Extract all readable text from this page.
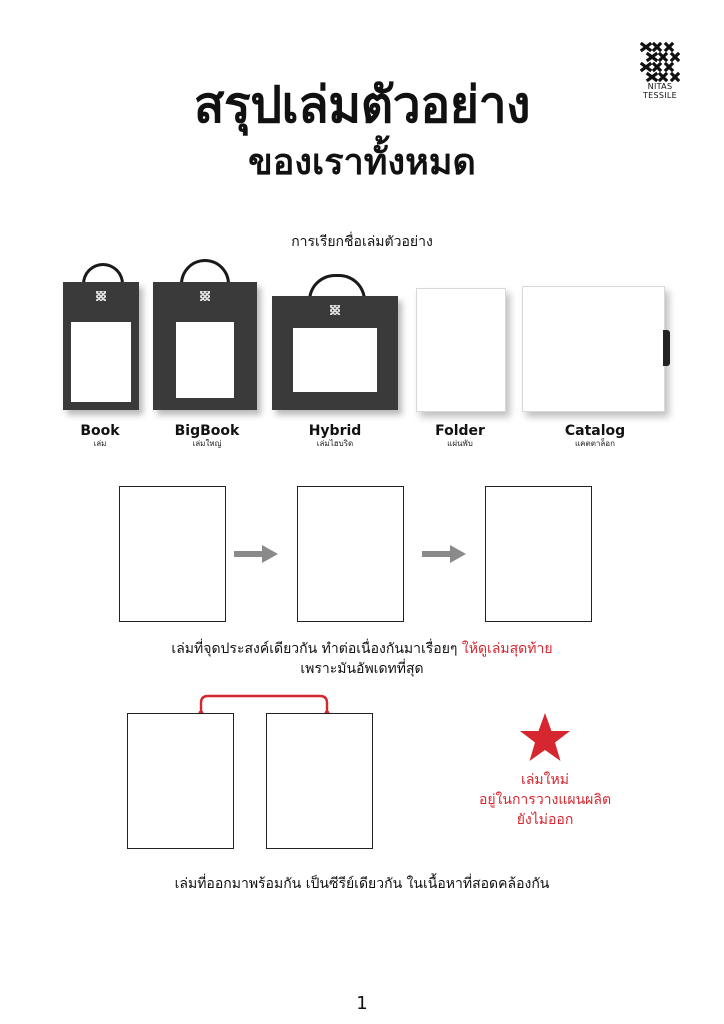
NITAS
TESSILE
สรุปเล่มตัวอย่าง
ของเราทั้งหมด
การเรียกชื่อเล่มตัวอย่าง
Book
เล่ม
BigBook
เล่มใหญ่
Hybrid
เล่มไฮบริด
Folder
แผ่นพับ
Catalog
แคตตาล็อก
เล่มที่จุดประสงค์เดียวกัน ทำต่อเนื่องกันมาเรื่อยๆ ให้ดูเล่มสุดท้าย
เพราะมันอัพเดทที่สุด
เล่มที่ออกมาพร้อมกัน เป็นซีรีย์เดียวกัน ในเนื้อหาที่สอดคล้องกัน
เล่มใหม่
อยู่ในการวางแผนผลิต
ยังไม่ออก
1
